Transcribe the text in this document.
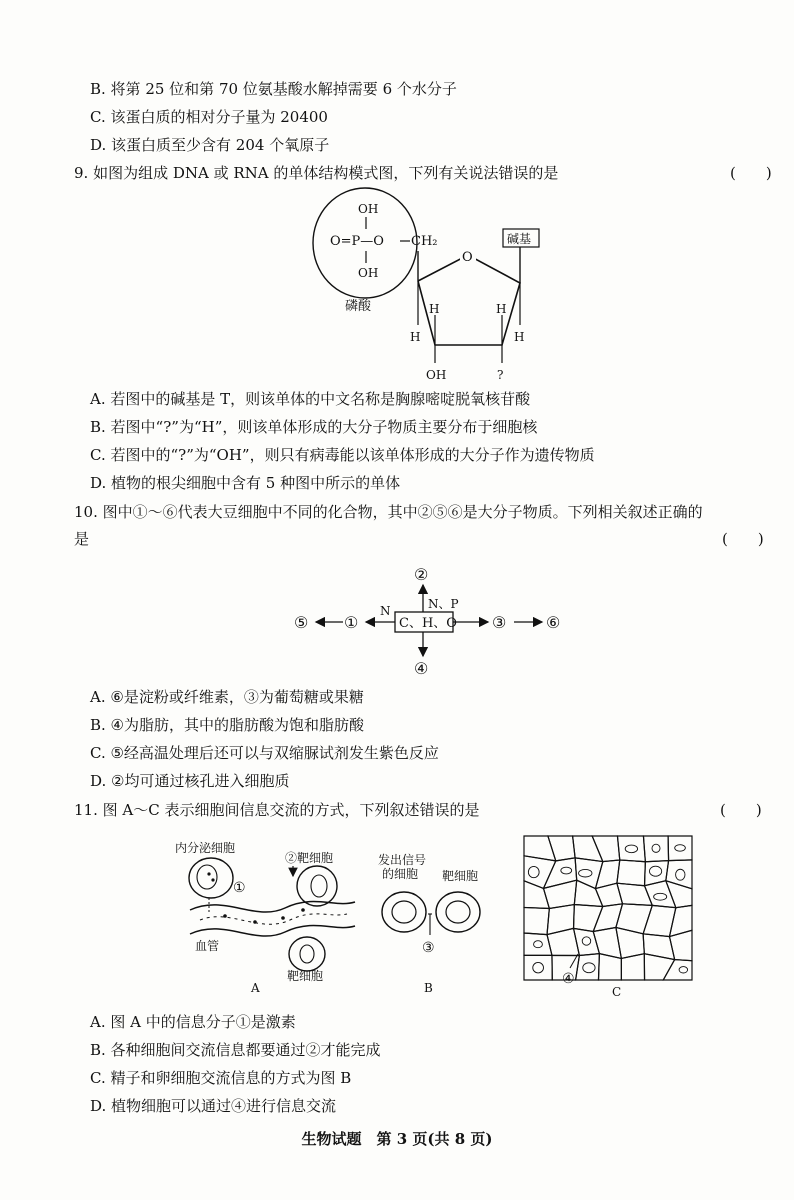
B. 将第 25 位和第 70 位氨基酸水解掉需要 6 个水分子
C. 该蛋白质的相对分子量为 20400
D. 该蛋白质至少含有 204 个氧原子
9. 如图为组成 DNA 或 RNA 的单体结构模式图，下列有关说法错误的是	(　　)
OH
O=P—O
OH
磷酸
CH₂
O
碱基
H
H
OH
H
?
H
A. 若图中的碱基是 T，则该单体的中文名称是胸腺嘧啶脱氧核苷酸
B. 若图中“?”为“H”，则该单体形成的大分子物质主要分布于细胞核
C. 若图中的“?”为“OH”，则只有病毒能以该单体形成的大分子作为遗传物质
D. 植物的根尖细胞中含有 5 种图中所示的单体
10. 图中①～⑥代表大豆细胞中不同的化合物，其中②⑤⑥是大分子物质。下列相关叙述正确的
是	(　　)
C、H、O
②
N、P
④
N
①
⑤	③ ⑥
A. ⑥是淀粉或纤维素，③为葡萄糖或果糖
B. ④为脂肪，其中的脂肪酸为饱和脂肪酸
C. ⑤经高温处理后还可以与双缩脲试剂发生紫色反应
D. ②均可通过核孔进入细胞质
11. 图 A～C 表示细胞间信息交流的方式，下列叙述错误的是	(　　)
内分泌细胞
②靶细胞
①
血管
靶细胞
A
发出信号
的细胞 靶细胞
③
B
④
C
A. 图 A 中的信息分子①是激素
B. 各种细胞间交流信息都要通过②才能完成
C. 精子和卵细胞交流信息的方式为图 B
D. 植物细胞可以通过④进行信息交流
生物试题　第 3 页(共 8 页)
